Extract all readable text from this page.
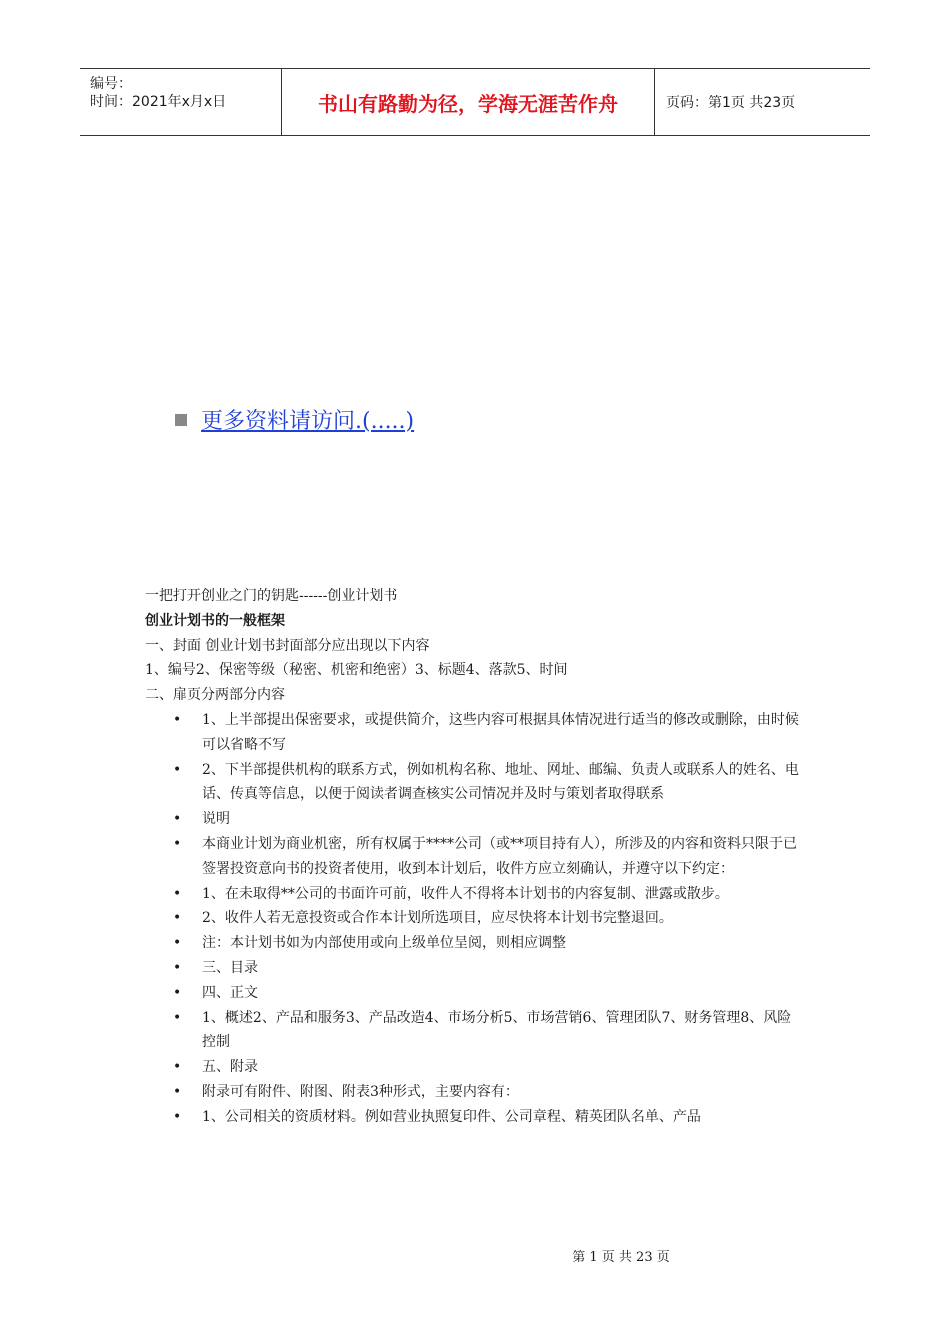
编号：
时间：2021年x月x日	书山有路勤为径，学海无涯苦作舟	页码：第1页 共23页
更多资料请访问.(.....)

一把打开创业之门的钥匙------创业计划书

创业计划书的一般框架

一、封面 创业计划书封面部分应出现以下内容

1、编号2、保密等级（秘密、机密和绝密）3、标题4、落款5、时间

二、扉页分两部分内容

• 1、上半部提出保密要求，或提供简介，这些内容可根据具体情况进行适当的修改或删除，由时候可以省略不写
• 2、下半部提供机构的联系方式，例如机构名称、地址、网址、邮编、负责人或联系人的姓名、电话、传真等信息，以便于阅读者调查核实公司情况并及时与策划者取得联系
• 说明
• 本商业计划为商业机密，所有权属于****公司（或**项目持有人），所涉及的内容和资料只限于已签署投资意向书的投资者使用，收到本计划后，收件方应立刻确认，并遵守以下约定：
• 1、在未取得**公司的书面许可前，收件人不得将本计划书的内容复制、泄露或散步。
• 2、收件人若无意投资或合作本计划所选项目，应尽快将本计划书完整退回。
• 注：本计划书如为内部使用或向上级单位呈阅，则相应调整
• 三、目录
• 四、正文
• 1、概述2、产品和服务3、产品改造4、市场分析5、市场营销6、管理团队7、财务管理8、风险控制
• 五、附录
• 附录可有附件、附图、附表3种形式，主要内容有：
• 1、公司相关的资质材料。例如营业执照复印件、公司章程、精英团队名单、产品
第 1 页 共 23 页
